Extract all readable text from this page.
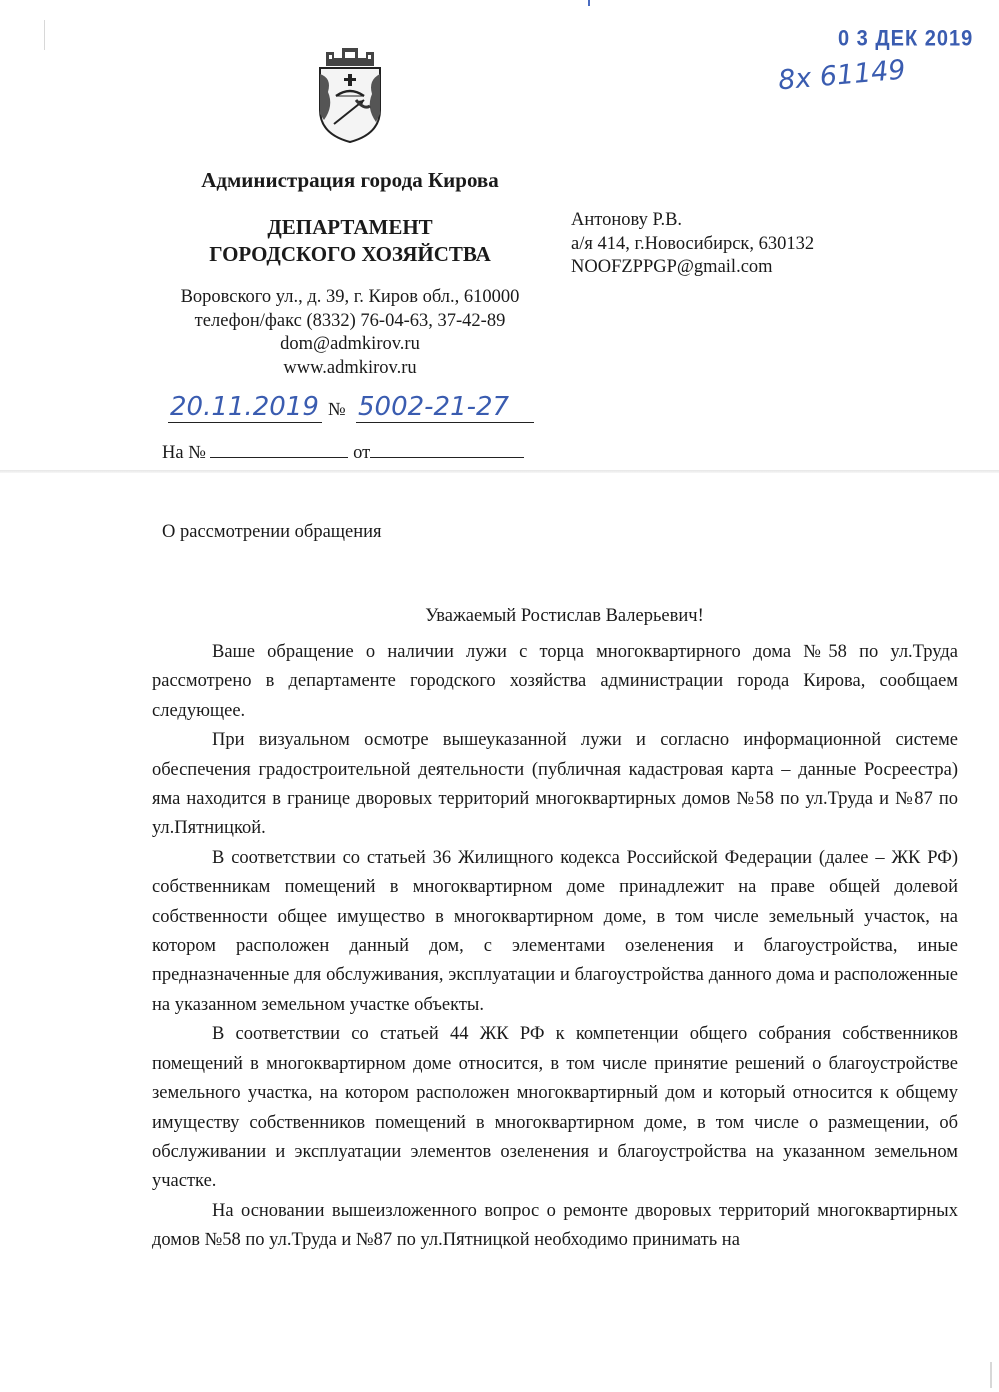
0 3 ДЕК 2019
8х 61149
Администрация города Кирова
ДЕПАРТАМЕНТ
ГОРОДСКОГО ХОЗЯЙСТВА
Воровского ул., д. 39, г. Киров обл., 610000
телефон/факс (8332) 76-04-63, 37-42-89
dom@admkirov.ru
www.admkirov.ru
Антонову Р.В.
а/я 414, г.Новосибирск, 630132
NOOFZPPGP@gmail.com
20.11.2019 № 5002-21-27
На №	от
О рассмотрении обращения
Уважаемый Ростислав Валерьевич!

Ваше обращение о наличии лужи с торца многоквартирного дома №58 по ул.Труда рассмотрено в департаменте городского хозяйства администрации города Кирова, сообщаем следующее.

При визуальном осмотре вышеуказанной лужи и согласно информационной системе обеспечения градостроительной деятельности (публичная кадастровая карта – данные Росреестра) яма находится в границе дворовых территорий многоквартирных домов №58 по ул.Труда и №87 по ул.Пятницкой.

В соответствии со статьей 36 Жилищного кодекса Российской Федерации (далее – ЖК РФ) собственникам помещений в многоквартирном доме принадлежит на праве общей долевой собственности общее имущество в многоквартирном доме, в том числе земельный участок, на котором расположен данный дом, с элементами озеленения и благоустройства, иные предназначенные для обслуживания, эксплуатации и благоустройства данного дома и расположенные на указанном земельном участке объекты.

В соответствии со статьей 44 ЖК РФ к компетенции общего собрания собственников помещений в многоквартирном доме относится, в том числе принятие решений о благоустройстве земельного участка, на котором расположен многоквартирный дом и который относится к общему имуществу собственников помещений в многоквартирном доме, в том числе о размещении, об обслуживании и эксплуатации элементов озеленения и благоустройства на указанном земельном участке.

На основании вышеизложенного вопрос о ремонте дворовых территорий многоквартирных домов №58 по ул.Труда и №87 по ул.Пятницкой необходимо принимать на
